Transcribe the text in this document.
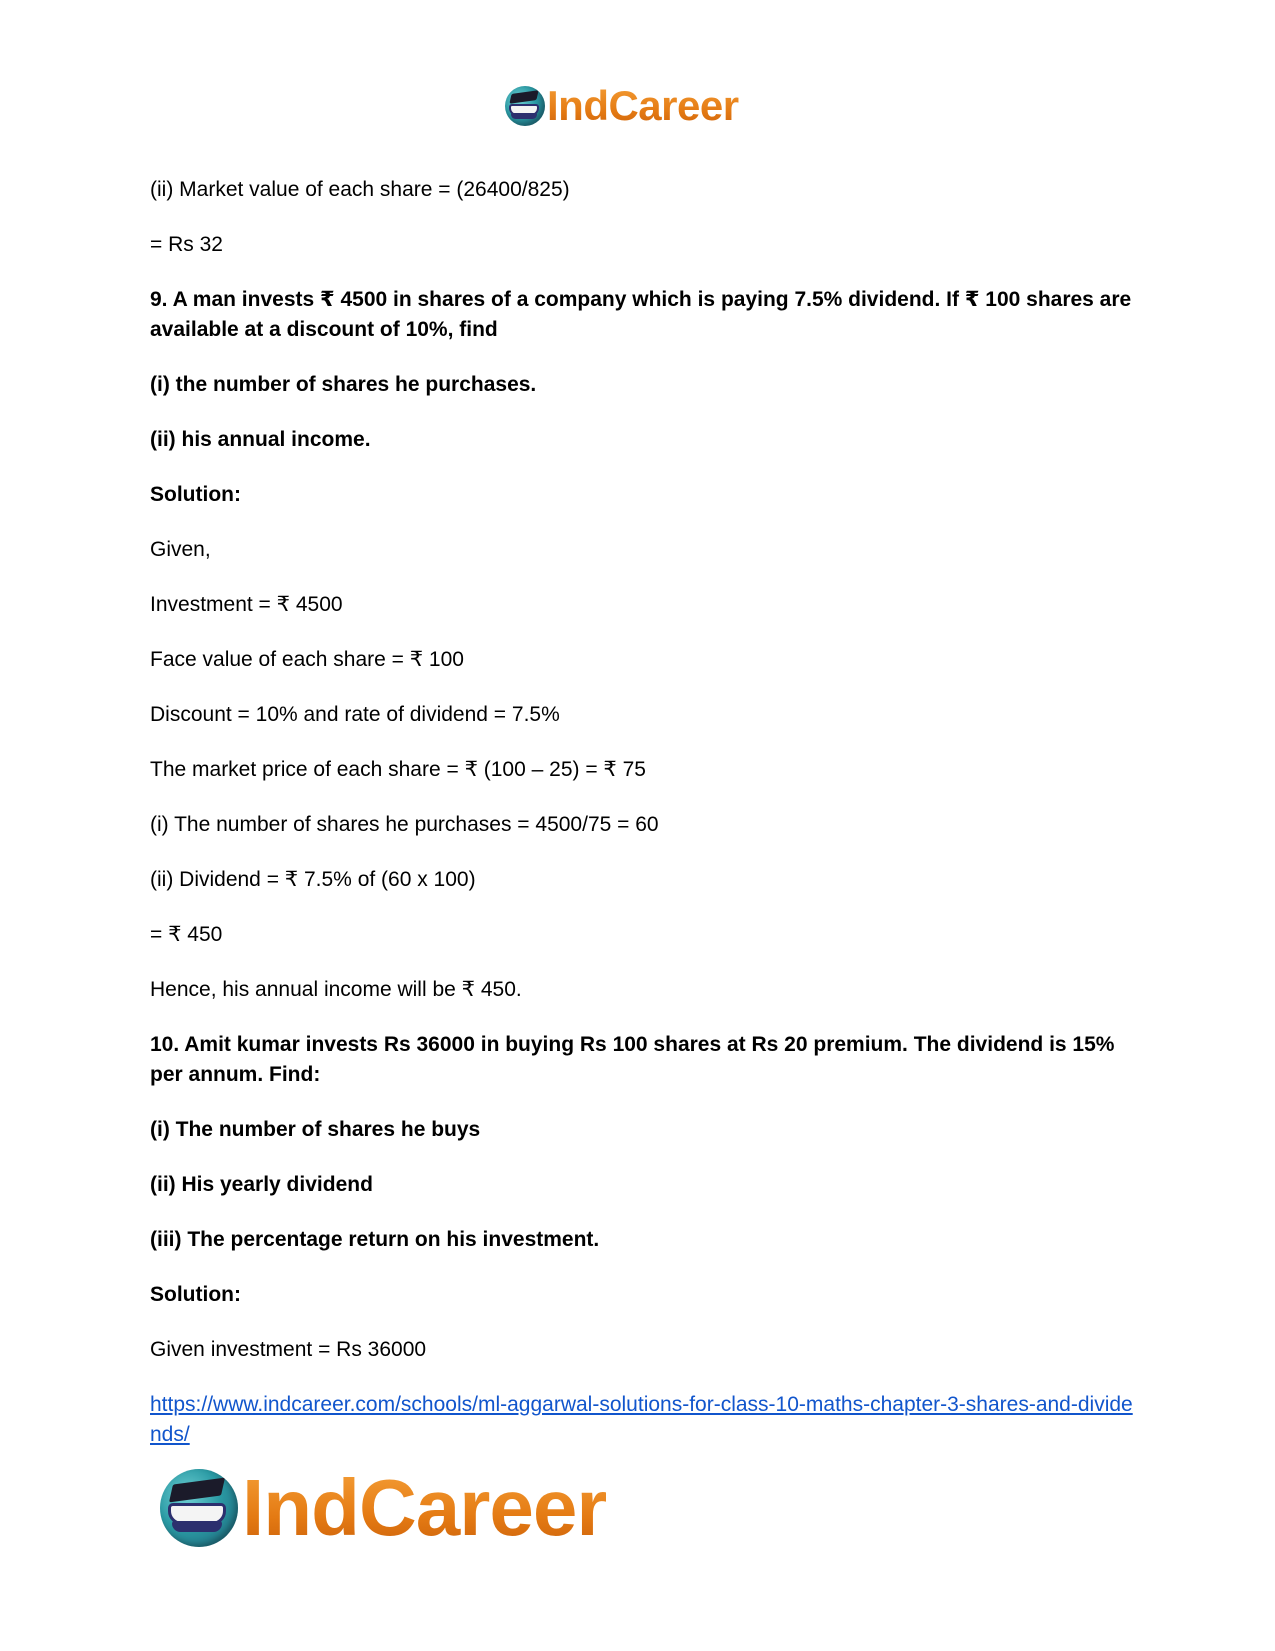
IndCareer

(ii) Market value of each share = (26400/825)

= Rs 32

9. A man invests ₹ 4500 in shares of a company which is paying 7.5% dividend. If ₹ 100 shares are available at a discount of 10%, find

(i) the number of shares he purchases.

(ii) his annual income.

Solution:

Given,

Investment = ₹ 4500

Face value of each share = ₹ 100

Discount = 10% and rate of dividend = 7.5%

The market price of each share = ₹ (100 – 25) = ₹ 75

(i) The number of shares he purchases = 4500/75 = 60

(ii) Dividend = ₹ 7.5% of (60 x 100)

= ₹ 450

Hence, his annual income will be ₹ 450.

10. Amit kumar invests Rs 36000 in buying Rs 100 shares at Rs 20 premium. The dividend is 15% per annum. Find:

(i) The number of shares he buys

(ii) His yearly dividend

(iii) The percentage return on his investment.

Solution:

Given investment = Rs 36000

https://www.indcareer.com/schools/ml-aggarwal-solutions-for-class-10-maths-chapter-3-shares-and-dividends/

IndCareer
